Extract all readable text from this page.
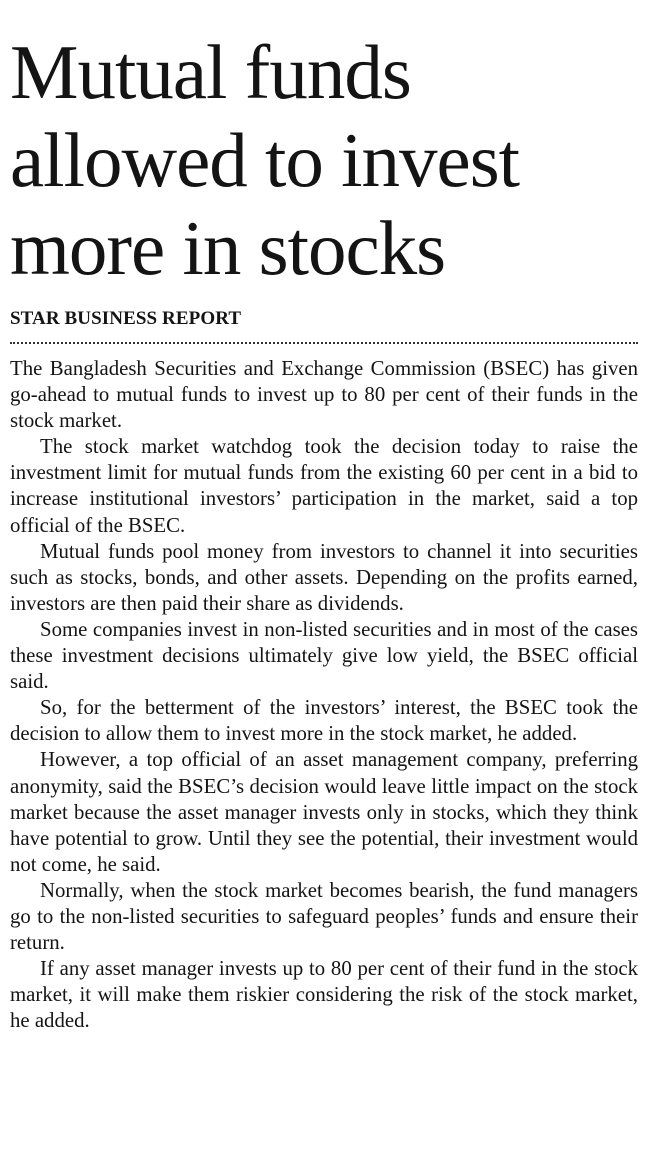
Mutual funds
allowed to invest
more in stocks
STAR BUSINESS REPORT

The Bangladesh Securities and Exchange Commission (BSEC) has given go-ahead to mutual funds to invest up to 80 per cent of their funds in the stock market.

The stock market watchdog took the decision today to raise the investment limit for mutual funds from the existing 60 per cent in a bid to increase institutional investors’ participation in the market, said a top official of the BSEC.

Mutual funds pool money from investors to channel it into securities such as stocks, bonds, and other assets. Depending on the profits earned, investors are then paid their share as dividends.

Some companies invest in non-listed securities and in most of the cases these investment decisions ultimately give low yield, the BSEC official said.

So, for the betterment of the investors’ interest, the BSEC took the decision to allow them to invest more in the stock market, he added.

However, a top official of an asset management company, preferring anonymity, said the BSEC’s decision would leave little impact on the stock market because the asset manager invests only in stocks, which they think have potential to grow. Until they see the potential, their investment would not come, he said.

Normally, when the stock market becomes bearish, the fund managers go to the non-listed securities to safeguard peoples’ funds and ensure their return.

If any asset manager invests up to 80 per cent of their fund in the stock market, it will make them riskier considering the risk of the stock market, he added.
